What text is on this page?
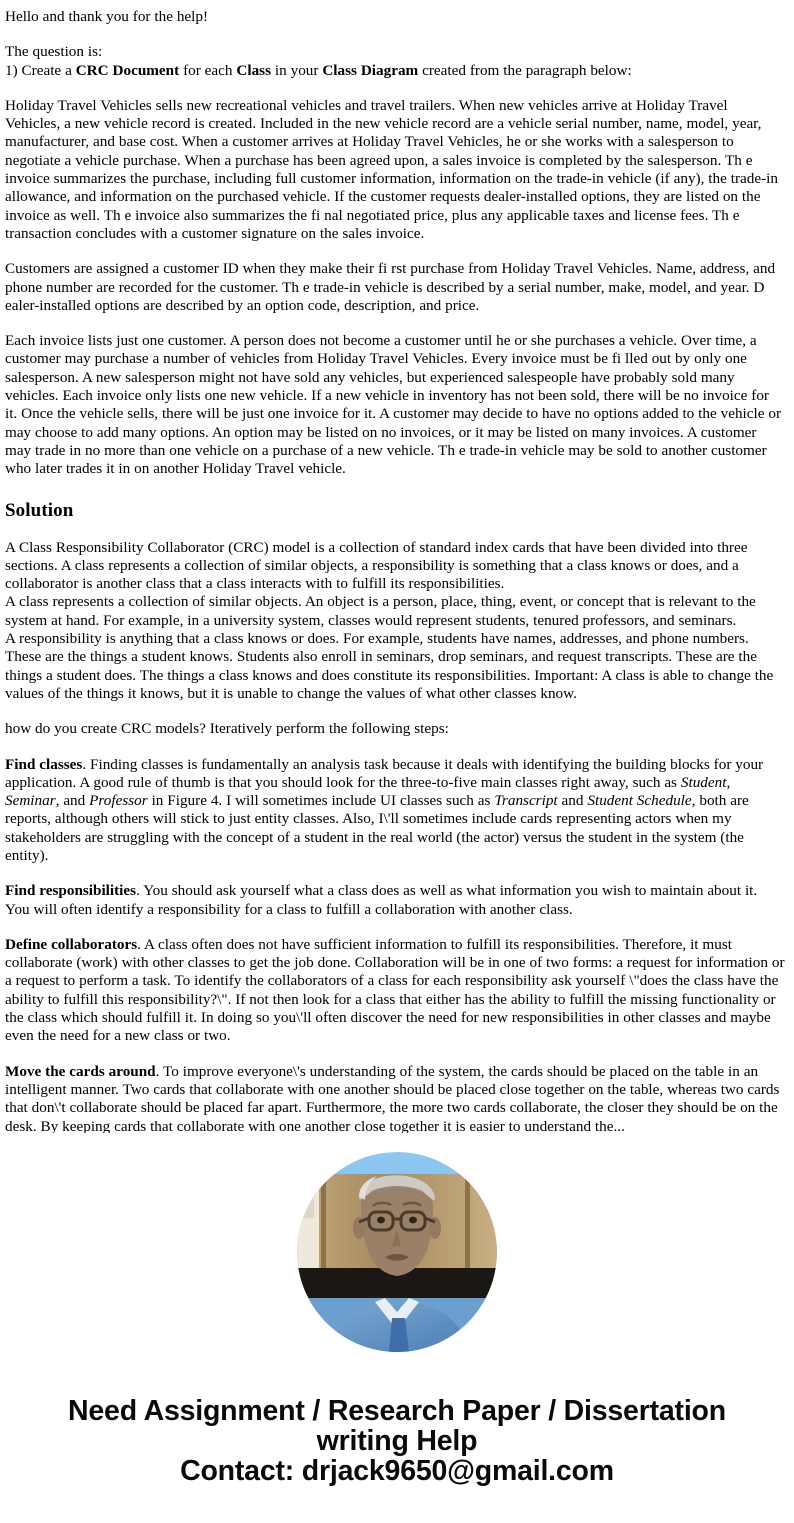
Hello and thank you for the help!

The question is:
1) Create a CRC Document for each Class in your Class Diagram created from the paragraph below:

Holiday Travel Vehicles sells new recreational vehicles and travel trailers. When new vehicles arrive at Holiday Travel Vehicles, a new vehicle record is created. Included in the new vehicle record are a vehicle serial number, name, model, year, manufacturer, and base cost. When a customer arrives at Holiday Travel Vehicles, he or she works with a salesperson to negotiate a vehicle purchase. When a purchase has been agreed upon, a sales invoice is completed by the salesperson. Th e invoice summarizes the purchase, including full customer information, information on the trade-in vehicle (if any), the trade-in allowance, and information on the purchased vehicle. If the customer requests dealer-installed options, they are listed on the invoice as well. Th e invoice also summarizes the fi nal negotiated price, plus any applicable taxes and license fees. Th e transaction concludes with a customer signature on the sales invoice.

Customers are assigned a customer ID when they make their fi rst purchase from Holiday Travel Vehicles. Name, address, and phone number are recorded for the customer. Th e trade-in vehicle is described by a serial number, make, model, and year. D ealer-installed options are described by an option code, description, and price.

Each invoice lists just one customer. A person does not become a customer until he or she purchases a vehicle. Over time, a customer may purchase a number of vehicles from Holiday Travel Vehicles. Every invoice must be fi lled out by only one salesperson. A new salesperson might not have sold any vehicles, but experienced salespeople have probably sold many vehicles. Each invoice only lists one new vehicle. If a new vehicle in inventory has not been sold, there will be no invoice for it. Once the vehicle sells, there will be just one invoice for it. A customer may decide to have no options added to the vehicle or may choose to add many options. An option may be listed on no invoices, or it may be listed on many invoices. A customer may trade in no more than one vehicle on a purchase of a new vehicle. Th e trade-in vehicle may be sold to another customer who later trades it in on another Holiday Travel vehicle.

Solution

A Class Responsibility Collaborator (CRC) model is a collection of standard index cards that have been divided into three sections. A class represents a collection of similar objects, a responsibility is something that a class knows or does, and a collaborator is another class that a class interacts with to fulfill its responsibilities.

A class represents a collection of similar objects. An object is a person, place, thing, event, or concept that is relevant to the system at hand. For example, in a university system, classes would represent students, tenured professors, and seminars.

A responsibility is anything that a class knows or does. For example, students have names, addresses, and phone numbers. These are the things a student knows. Students also enroll in seminars, drop seminars, and request transcripts. These are the things a student does. The things a class knows and does constitute its responsibilities. Important: A class is able to change the values of the things it knows, but it is unable to change the values of what other classes know.

how do you create CRC models? Iteratively perform the following steps:

Find classes. Finding classes is fundamentally an analysis task because it deals with identifying the building blocks for your application. A good rule of thumb is that you should look for the three-to-five main classes right away, such as Student, Seminar, and Professor in Figure 4. I will sometimes include UI classes such as Transcript and Student Schedule, both are reports, although others will stick to just entity classes. Also, I\'ll sometimes include cards representing actors when my stakeholders are struggling with the concept of a student in the real world (the actor) versus the student in the system (the entity).

Find responsibilities. You should ask yourself what a class does as well as what information you wish to maintain about it. You will often identify a responsibility for a class to fulfill a collaboration with another class.

Define collaborators. A class often does not have sufficient information to fulfill its responsibilities. Therefore, it must collaborate (work) with other classes to get the job done. Collaboration will be in one of two forms: a request for information or a request to perform a task. To identify the collaborators of a class for each responsibility ask yourself \"does the class have the ability to fulfill this responsibility?\". If not then look for a class that either has the ability to fulfill the missing functionality or the class which should fulfill it. In doing so you\'ll often discover the need for new responsibilities in other classes and maybe even the need for a new class or two.

Move the cards around. To improve everyone\'s understanding of the system, the cards should be placed on the table in an intelligent manner. Two cards that collaborate with one another should be placed close together on the table, whereas two cards that don\'t collaborate should be placed far apart. Furthermore, the more two cards collaborate, the closer they should be on the desk. By keeping cards that collaborate with one another close together it is easier to understand the...

Need Assignment / Research Paper / Dissertation
writing Help
Contact: drjack9650@gmail.com
